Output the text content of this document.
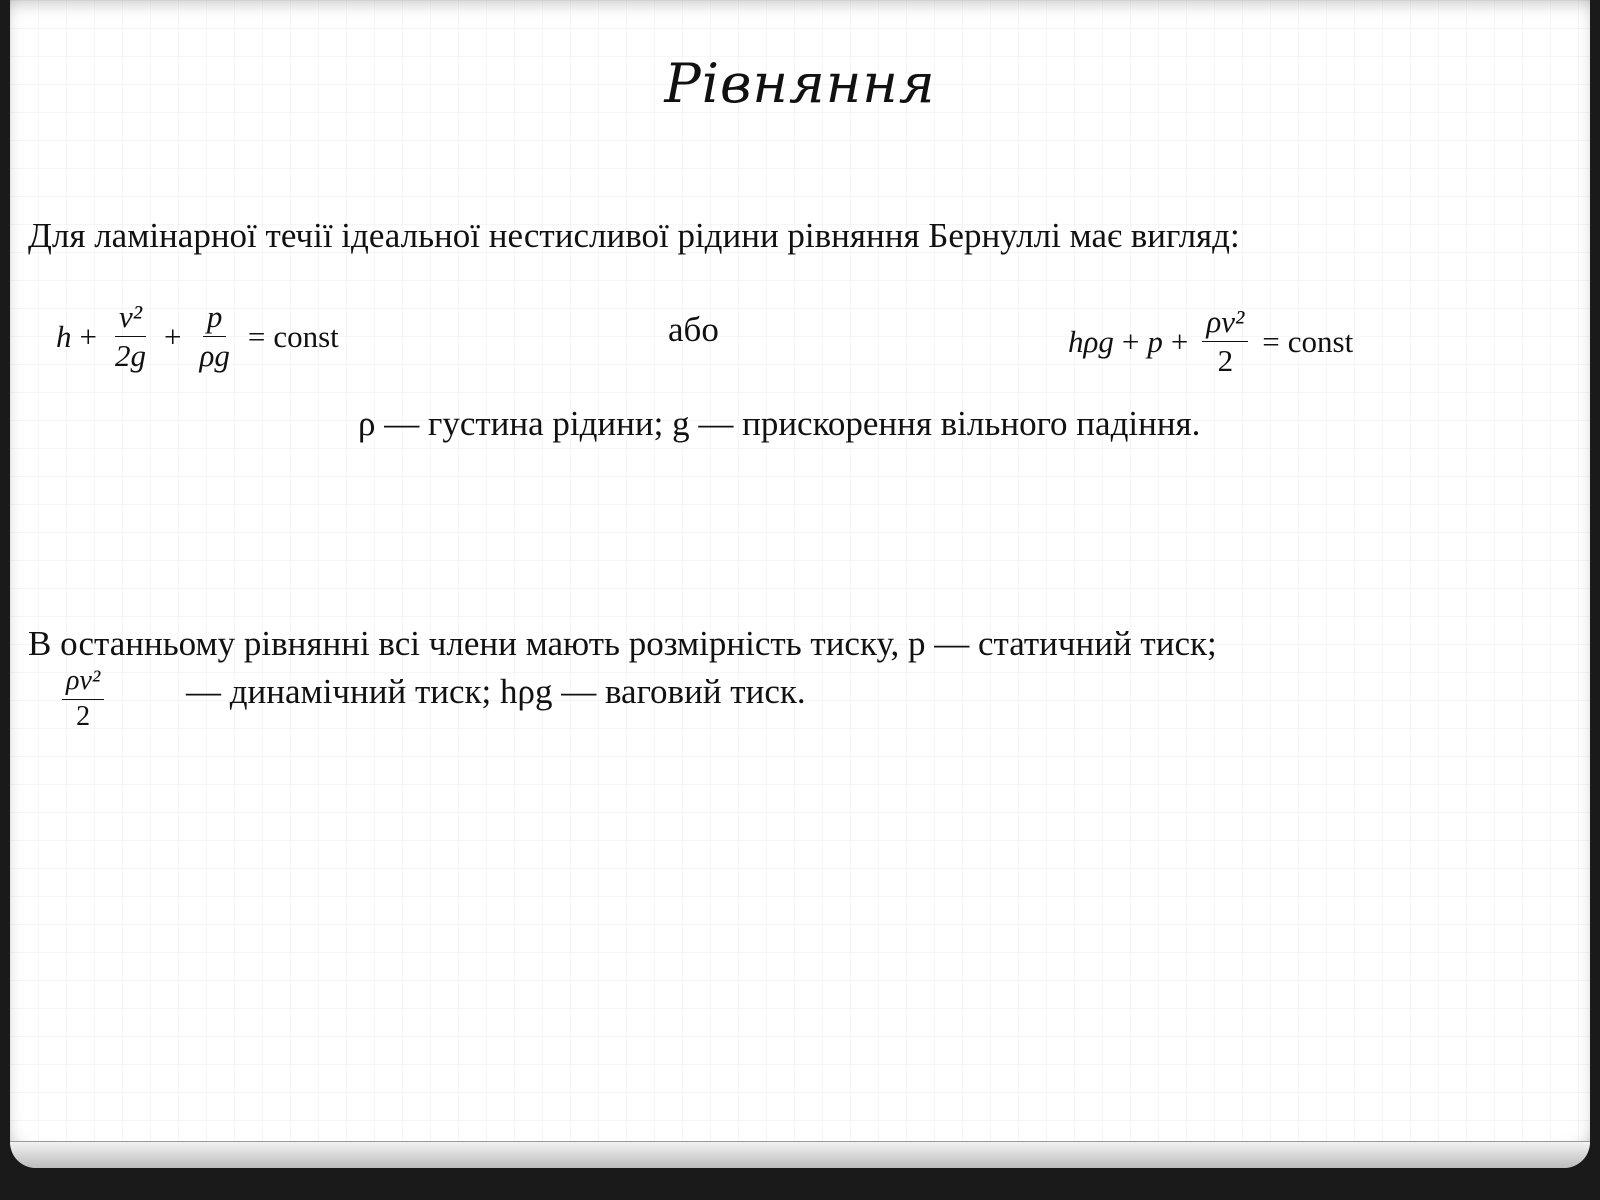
Рівняння
Для ламінарної течії ідеальної нестисливої рідини рівняння Бернуллі має вигляд:
$h + \frac{\text{v²}}{2g} + \frac{p}{\rho g}$ = const	або	$h\rho g + p + \frac{\text{ρv²}}{2}$ = const
ρ — густина рідини; g — прискорення вільного падіння.
В останньому рівнянні всі члени мають розмірність тиску, p — статичний тиск;
$\frac{\text{ρv²}}{2}$ — динамічний тиск; hρg — ваговий тиск.
